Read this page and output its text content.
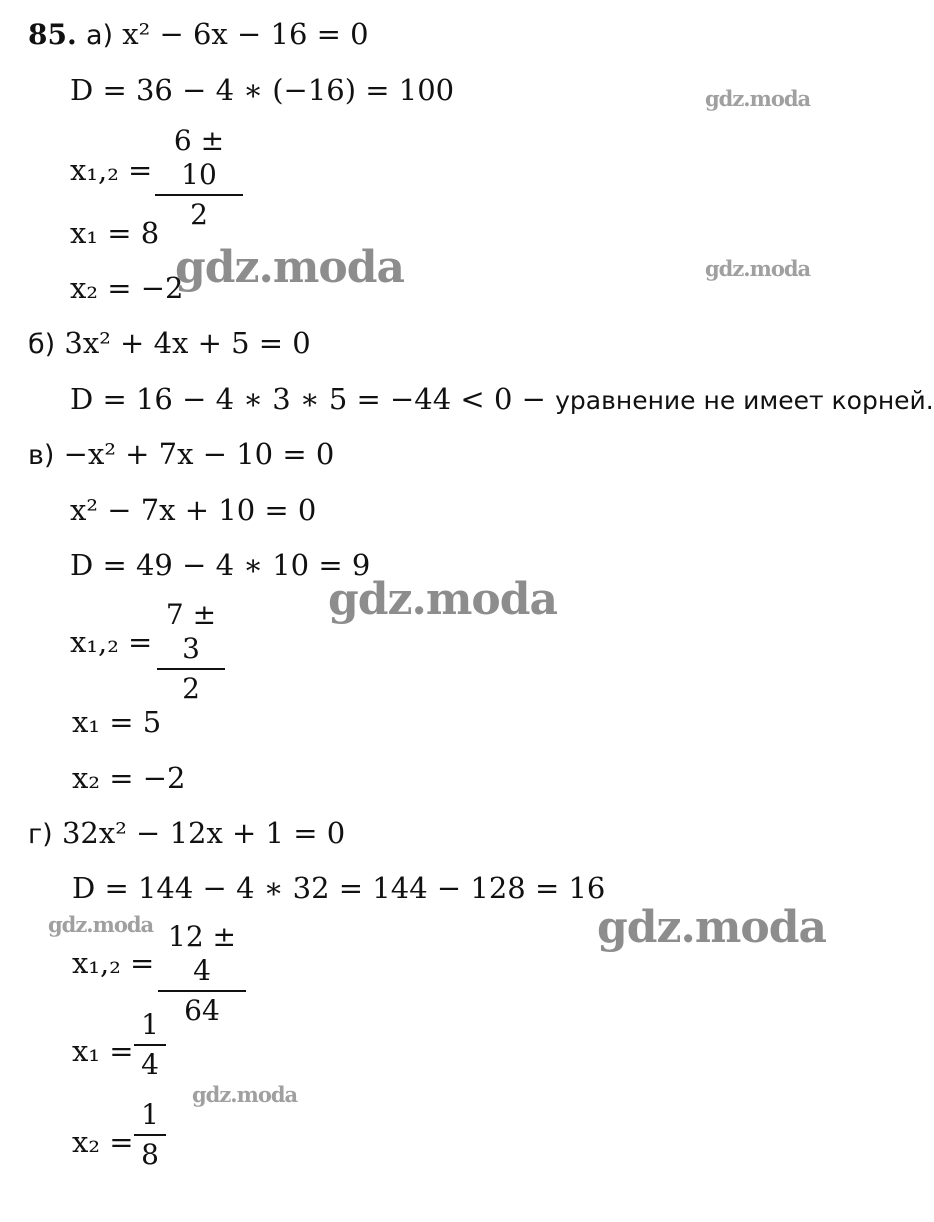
85. а) x² − 6x − 16 = 0
D = 36 − 4 ∗ (−16) = 100
x₁,₂ =
6 ± 10
2
x₁ = 8
x₂ = −2
б) 3x² + 4x + 5 = 0
D = 16 − 4 ∗ 3 ∗ 5 = −44 < 0 − уравнение не имеет корней.
в) −x² + 7x − 10 = 0
x² − 7x + 10 = 0
D = 49 − 4 ∗ 10 = 9
x₁,₂ =
7 ± 3
2
x₁ = 5
x₂ = −2
г) 32x² − 12x + 1 = 0
D = 144 − 4 ∗ 32 = 144 − 128 = 16
x₁,₂ =
12 ± 4
64
x₁ =
1
4
x₂ =
1
8
gdz.moda
gdz.moda	gdz.moda
gdz.moda
gdz.moda	gdz.moda
gdz.moda
